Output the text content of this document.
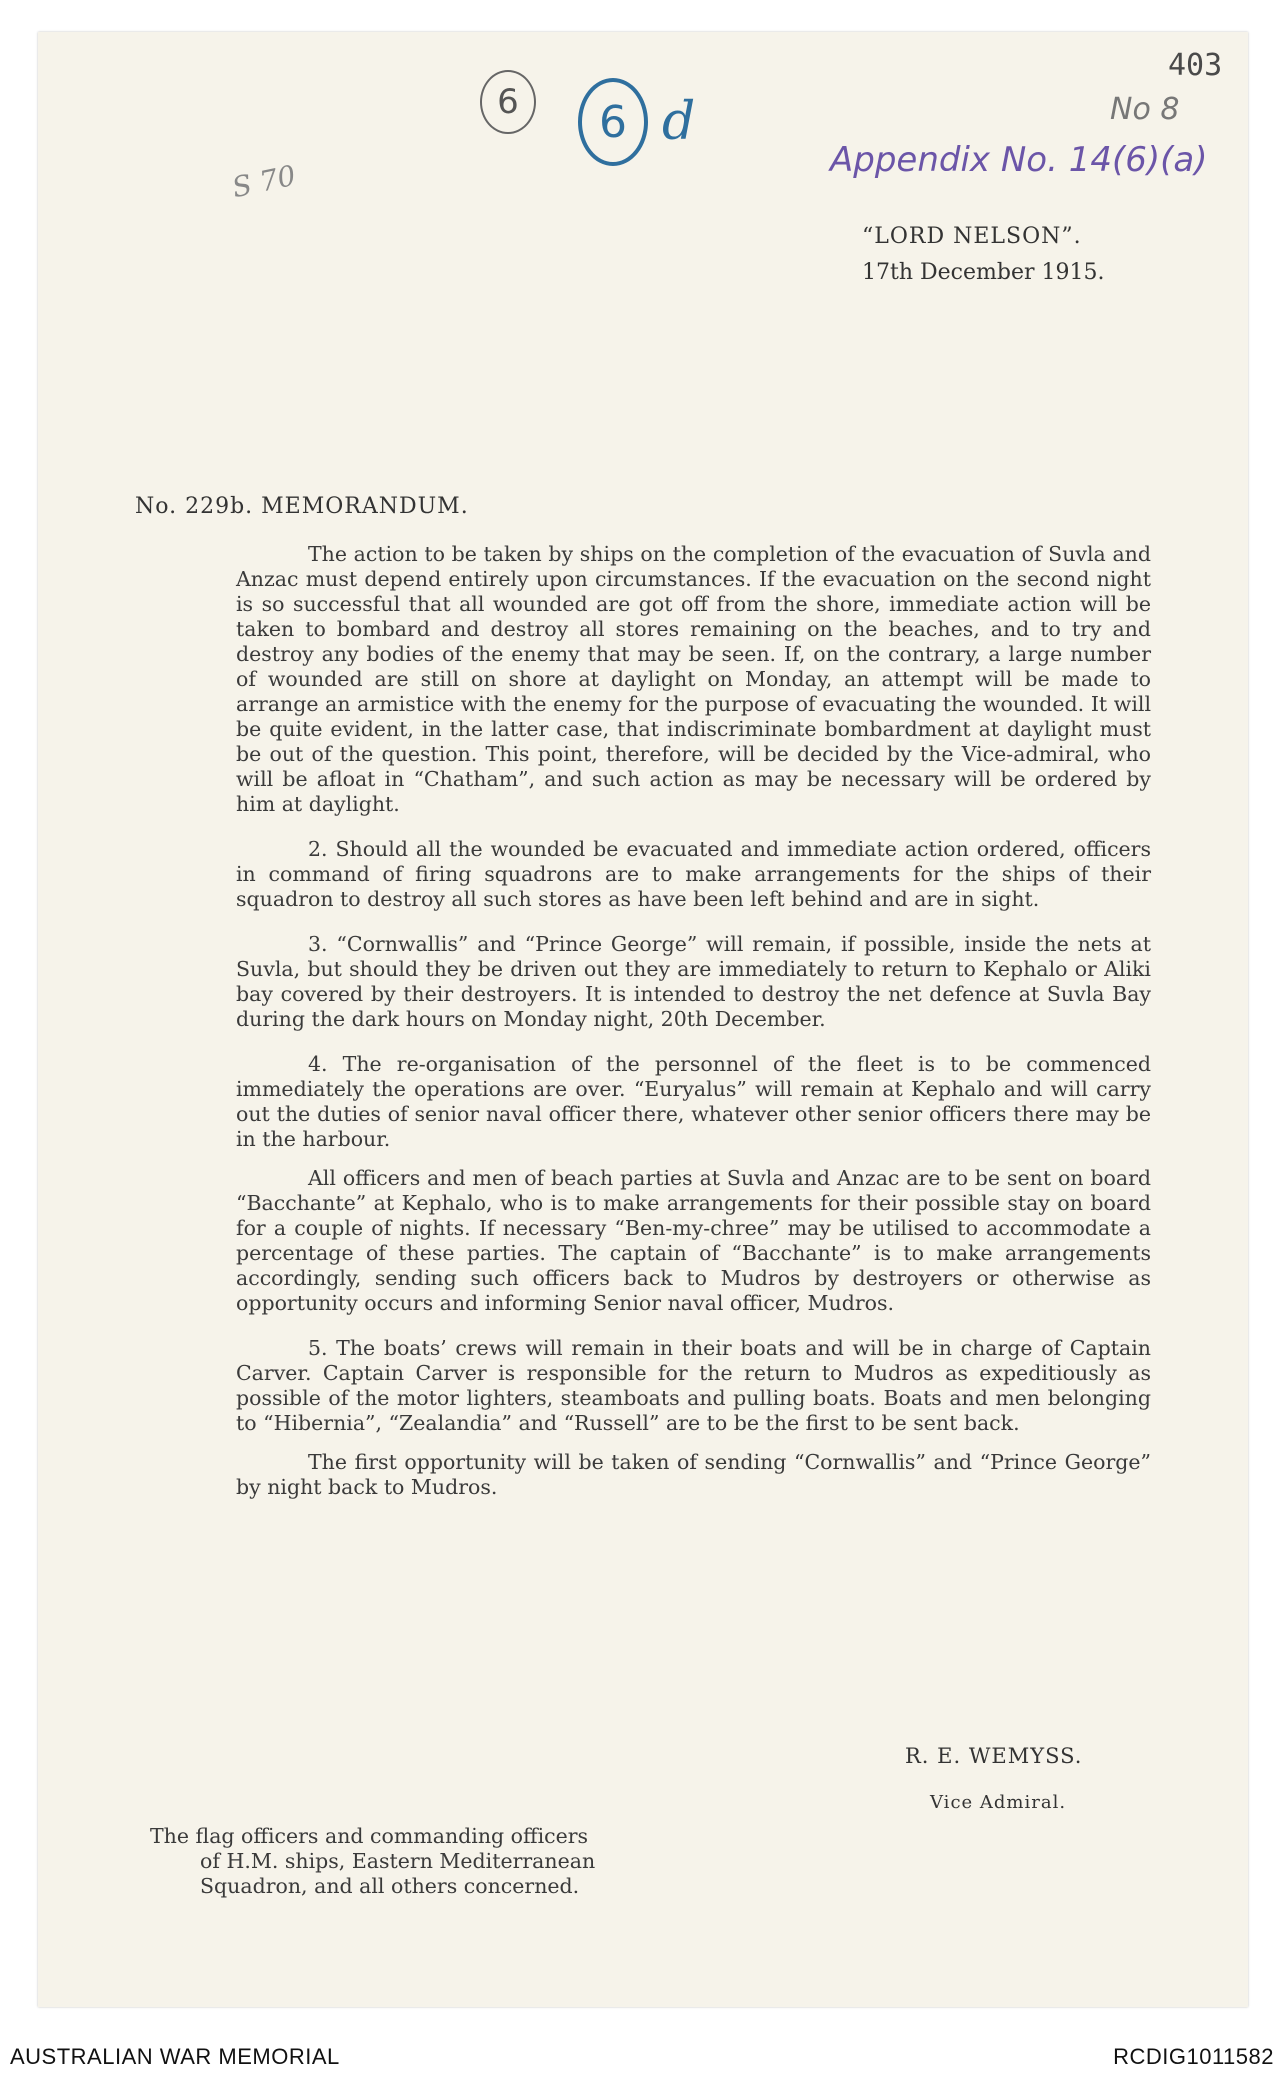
403
No 8
6	6 d
S 70	Appendix No. 14(6)(a)
“LORD NELSON”.
17th December 1915.
No. 229b. MEMORANDUM.

The action to be taken by ships on the completion of the evacuation of Suvla and Anzac must depend entirely upon circumstances. If the evacuation on the second night is so successful that all wounded are got off from the shore, immediate action will be taken to bombard and destroy all stores remaining on the beaches, and to try and destroy any bodies of the enemy that may be seen. If, on the contrary, a large number of wounded are still on shore at daylight on Monday, an attempt will be made to arrange an armistice with the enemy for the purpose of evacuating the wounded. It will be quite evident, in the latter case, that indiscriminate bombardment at daylight must be out of the question. This point, therefore, will be decided by the Vice-admiral, who will be afloat in “Chatham”, and such action as may be necessary will be ordered by him at daylight.

2. Should all the wounded be evacuated and immediate action ordered, officers in command of firing squadrons are to make arrangements for the ships of their squadron to destroy all such stores as have been left behind and are in sight.

3. “Cornwallis” and “Prince George” will remain, if possible, inside the nets at Suvla, but should they be driven out they are immediately to return to Kephalo or Aliki bay covered by their destroyers. It is intended to destroy the net defence at Suvla Bay during the dark hours on Monday night, 20th December.

4. The re-organisation of the personnel of the fleet is to be commenced immediately the operations are over. “Euryalus” will remain at Kephalo and will carry out the duties of senior naval officer there, whatever other senior officers there may be in the harbour.

All officers and men of beach parties at Suvla and Anzac are to be sent on board “Bacchante” at Kephalo, who is to make arrangements for their possible stay on board for a couple of nights. If necessary “Ben-my-chree” may be utilised to accommodate a percentage of these parties. The captain of “Bacchante” is to make arrangements accordingly, sending such officers back to Mudros by destroyers or otherwise as opportunity occurs and informing Senior naval officer, Mudros.

5. The boats’ crews will remain in their boats and will be in charge of Captain Carver. Captain Carver is responsible for the return to Mudros as expeditiously as possible of the motor lighters, steamboats and pulling boats. Boats and men belonging to “Hibernia”, “Zealandia” and “Russell” are to be the first to be sent back.

The first opportunity will be taken of sending “Cornwallis” and “Prince George” by night back to Mudros.

R. E. WEMYSS.
Vice Admiral.
The flag officers and commanding officers
of H.M. ships, Eastern Mediterranean
Squadron, and all others concerned.
AUSTRALIAN WAR MEMORIAL	RCDIG1011582
